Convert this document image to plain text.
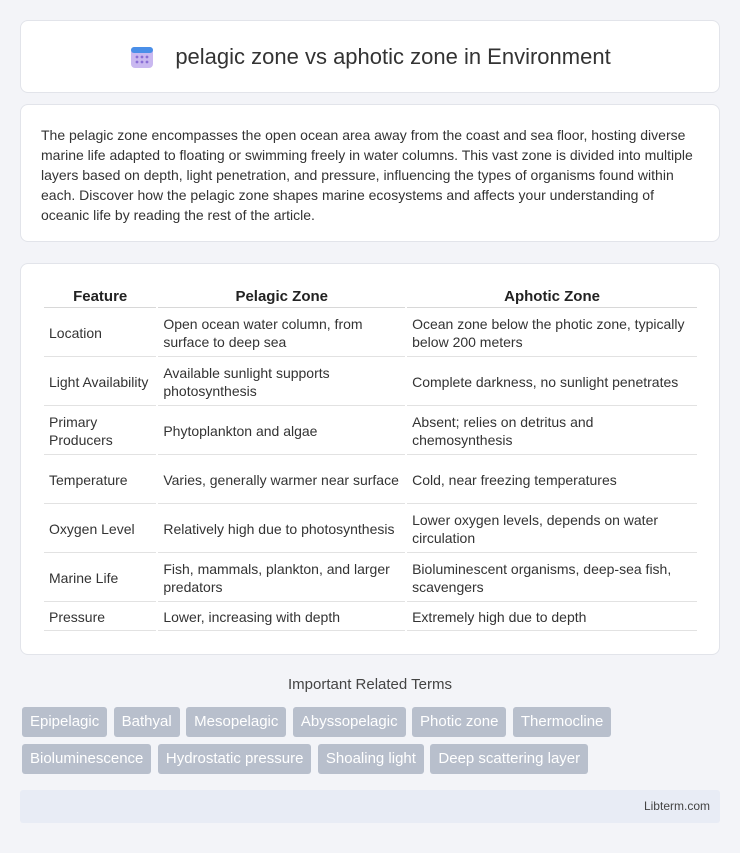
pelagic zone vs aphotic zone in Environment

The pelagic zone encompasses the open ocean area away from the coast and sea floor, hosting diverse marine life adapted to floating or swimming freely in water columns. This vast zone is divided into multiple layers based on depth, light penetration, and pressure, influencing the types of organisms found within each. Discover how the pelagic zone shapes marine ecosystems and affects your understanding of oceanic life by reading the rest of the article.

Feature	Pelagic Zone	Aphotic Zone
Location	Open ocean water column, from surface to deep sea	Ocean zone below the photic zone, typically below 200 meters
Light Availability	Available sunlight supports photosynthesis	Complete darkness, no sunlight penetrates
Primary Producers	Phytoplankton and algae	Absent; relies on detritus and chemosynthesis
Temperature	Varies, generally warmer near surface	Cold, near freezing temperatures
Oxygen Level	Relatively high due to photosynthesis	Lower oxygen levels, depends on water circulation
Marine Life	Fish, mammals, plankton, and larger predators	Bioluminescent organisms, deep-sea fish, scavengers
Pressure	Lower, increasing with depth	Extremely high due to depth
Important Related Terms
Epipelagic Bathyal Mesopelagic Abyssopelagic Photic zone Thermocline
Bioluminescence Hydrostatic pressure Shoaling light Deep scattering layer
Libterm.com
